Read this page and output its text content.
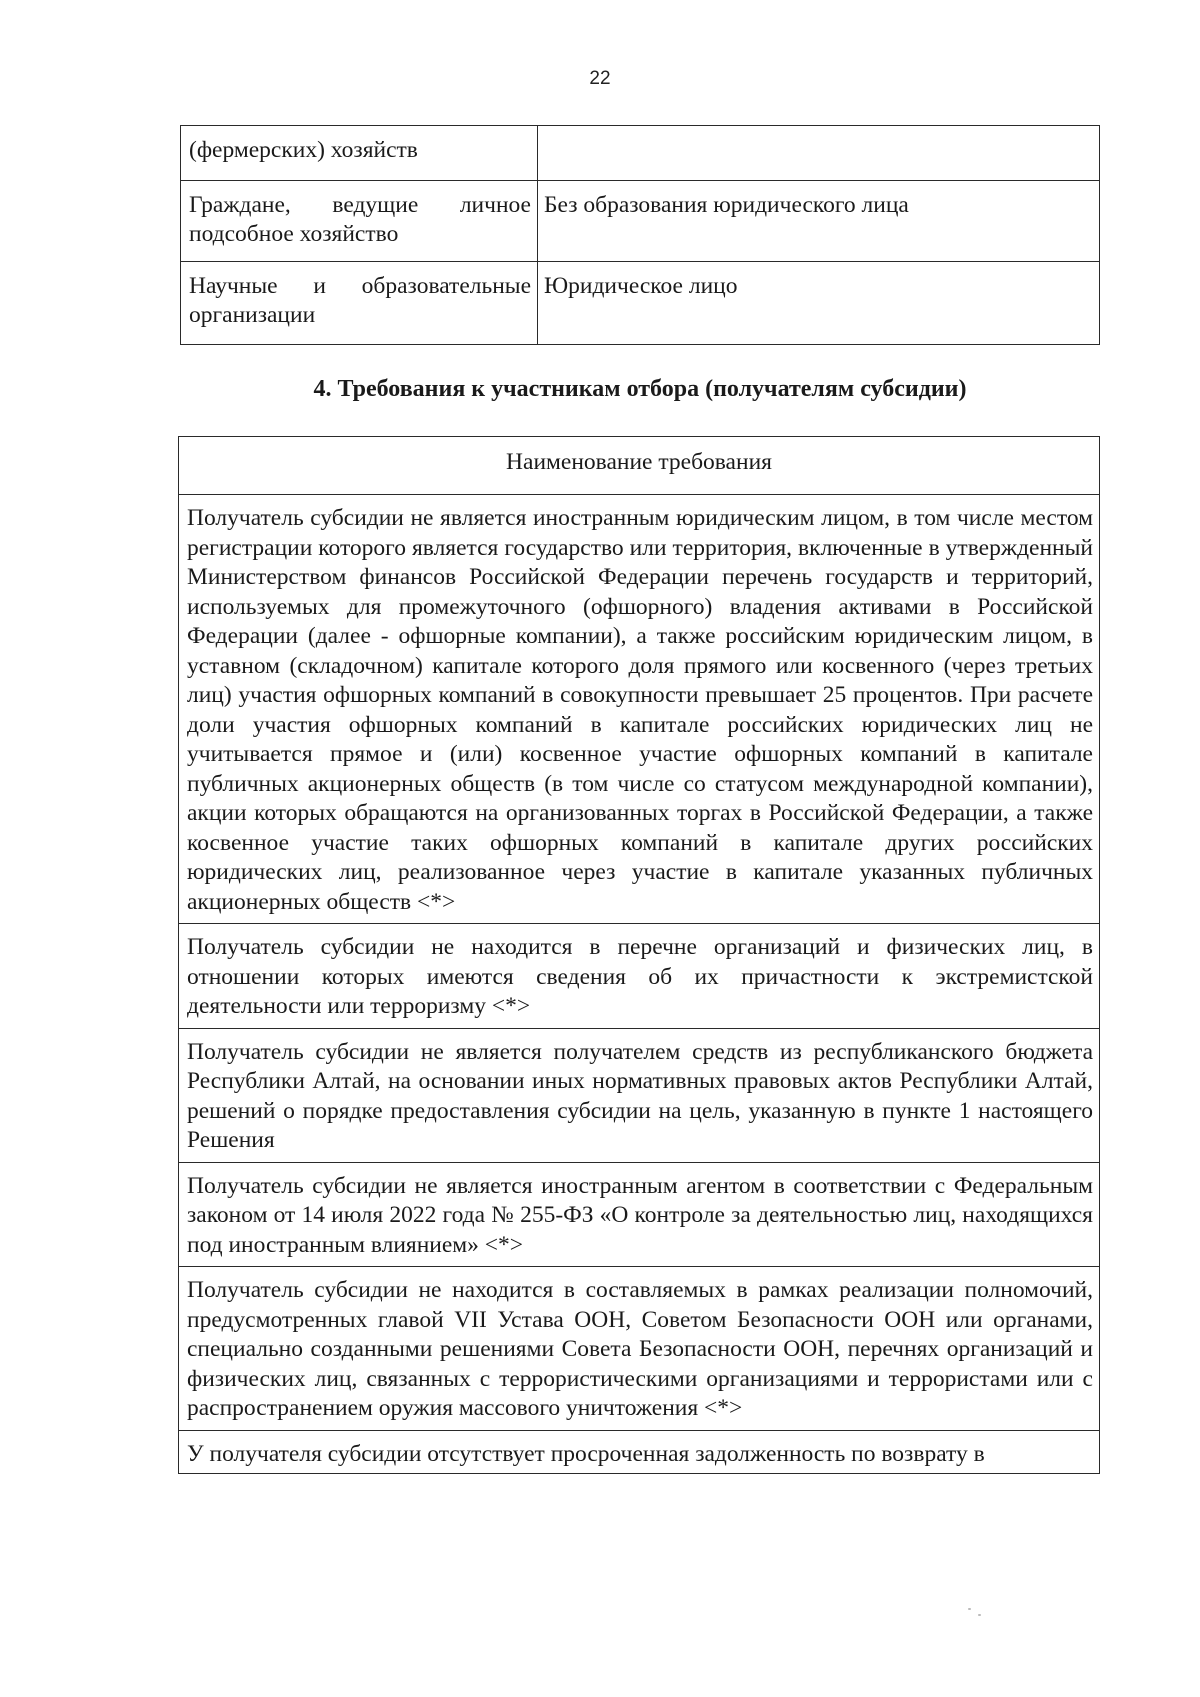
22
(фермерских) хозяйств	
Граждане, ведущие личное подсобное хозяйство	Без образования юридического лица
Научные и образовательные организации	Юридическое лицо
4. Требования к участникам отбора (получателям субсидии)
Наименование требования
Получатель субсидии не является иностранным юридическим лицом, в том числе местом регистрации которого является государство или территория, включенные в утвержденный Министерством финансов Российской Федерации перечень государств и территорий, используемых для промежуточного (офшорного) владения активами в Российской Федерации (далее - офшорные компании), а также российским юридическим лицом, в уставном (складочном) капитале которого доля прямого или косвенного (через третьих лиц) участия офшорных компаний в совокупности превышает 25 процентов. При расчете доли участия офшорных компаний в капитале российских юридических лиц не учитывается прямое и (или) косвенное участие офшорных компаний в капитале публичных акционерных обществ (в том числе со статусом международной компании), акции которых обращаются на организованных торгах в Российской Федерации, а также косвенное участие таких офшорных компаний в капитале других российских юридических лиц, реализованное через участие в капитале указанных публичных акционерных обществ <*>
Получатель субсидии не находится в перечне организаций и физических лиц, в отношении которых имеются сведения об их причастности к экстремистской деятельности или терроризму <*>
Получатель субсидии не является получателем средств из республиканского бюджета Республики Алтай, на основании иных нормативных правовых актов Республики Алтай, решений о порядке предоставления субсидии на цель, указанную в пункте 1 настоящего Решения
Получатель субсидии не является иностранным агентом в соответствии с Федеральным законом от 14 июля 2022 года № 255-ФЗ «О контроле за деятельностью лиц, находящихся под иностранным влиянием» <*>
Получатель субсидии не находится в составляемых в рамках реализации полномочий, предусмотренных главой VII Устава ООН, Советом Безопасности ООН или органами, специально созданными решениями Совета Безопасности ООН, перечнях организаций и физических лиц, связанных с террористическими организациями и террористами или с распространением оружия массового уничтожения <*>
У получателя субсидии отсутствует просроченная задолженность по возврату в
